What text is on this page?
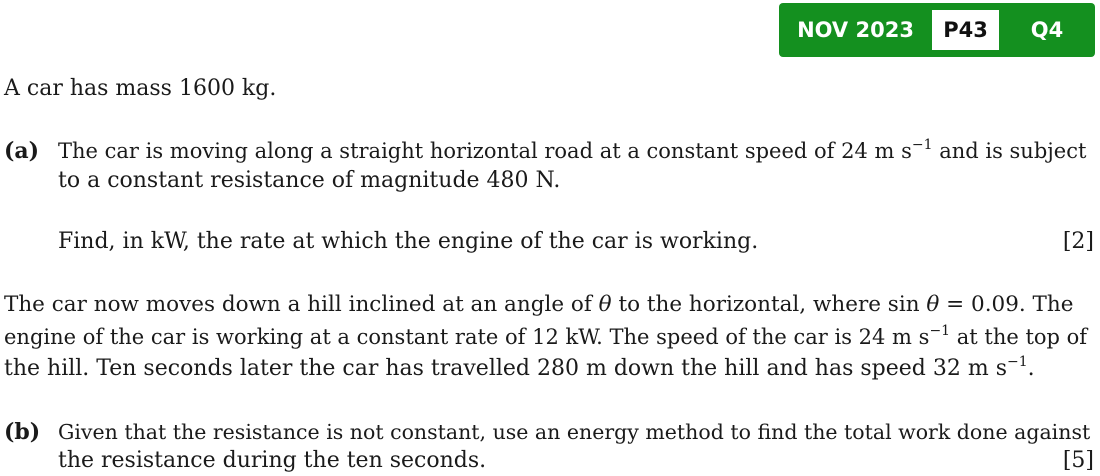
NOV 2023	P43	Q4
A car has mass 1600 kg.
(a) The car is moving along a straight horizontal road at a constant speed of 24 m $s^{-1}$ and is subject
to a constant resistance of magnitude 480 N.
Find, in kW, the rate at which the engine of the car is working.	[2]
The car now moves down a hill inclined at an angle of θ to the horizontal, where sin θ = 0.09. The
engine of the car is working at a constant rate of 12 kW. The speed of the car is 24 m $s^{-1}$ at the top of
the hill. Ten seconds later the car has travelled 280 m down the hill and has speed 32 m $s^{-1}$.
(b) Given that the resistance is not constant, use an energy method to find the total work done against
the resistance during the ten seconds.	[5]
